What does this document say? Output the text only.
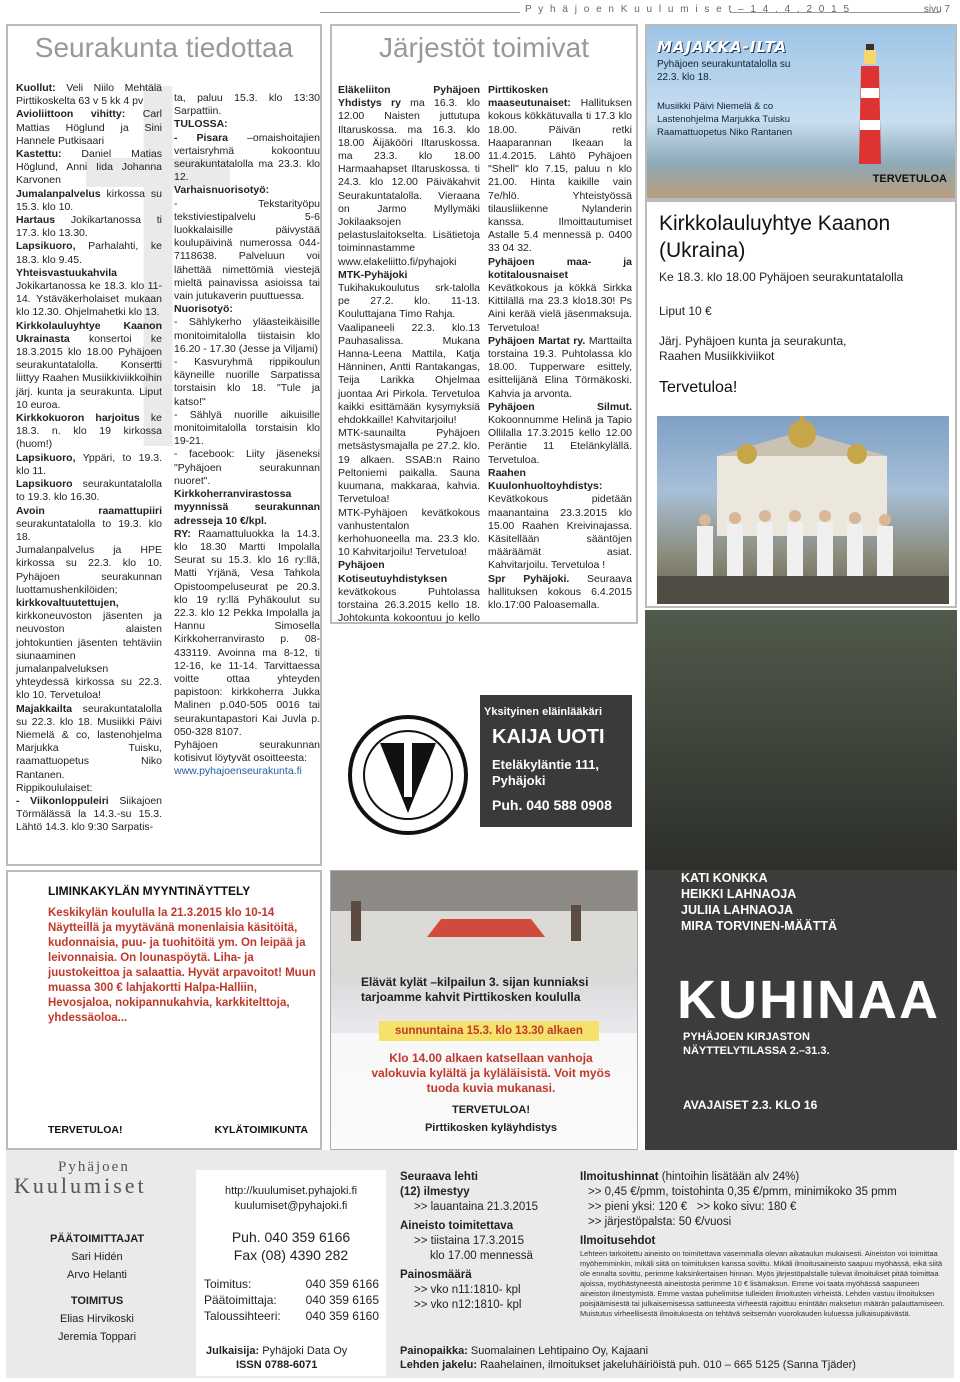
P y h ä j o e n K u u l u m i s e t – 1 4 . 4 . 2 0 1 5	sivu 7
Seurakunta tiedottaa

Kuollut: Veli Niilo Mehtälä Pirttikoskelta 63 v 5 kk 4 pv

Avioliittoon vihitty: Carl Mattias Höglund ja Sini Hannele Putkisaari

Kastettu: Daniel Matias Höglund, Anni Iida Johanna Karvonen

Jumalanpalvelus kirkossa su 15.3. klo 10.

Hartaus Jokikartanossa ti 17.3. klo 13.30.

Lapsikuoro, Parhalahti, ke 18.3. klo 9.45.

Yhteisvastuukahvila Jokikartanossa ke 18.3. klo 11-14. Ystäväkerholaiset mukaan klo 12.30. Ohjelmahetki klo 13.

Kirkkolauluyhtye Kaanon Ukrainasta konsertoi ke 18.3.2015 klo 18.00 Pyhäjoen seurakuntatalolla. Konsertti liittyy Raahen Musiikkiviikkoihin järj. kunta ja seurakunta. Liput 10 euroa.

Kirkkokuoron harjoitus ke 18.3. n. klo 19 kirkossa (huom!)

Lapsikuoro, Yppäri, to 19.3. klo 11.

Lapsikuoro seurakuntatalolla to 19.3. klo 16.30.

Avoin raamattupiiri seurakuntatalolla to 19.3. klo 18.

Jumalanpalvelus ja HPE kirkossa su 22.3. klo 10. Pyhäjoen seurakunnan luottamushenkilöiden;

kirkkovaltuutettujen, kirkkoneuvoston jäsenten ja neuvoston alaisten johtokuntien jäsenten tehtäviin siunaaminen jumalanpalveluksen yhteydessä kirkossa su 22.3. klo 10. Tervetuloa!

Majakkailta seurakuntatalolla su 22.3. klo 18. Musiikki Päivi Niemelä & co, lastenohjelma Marjukka Tuisku, raamattuopetus Niko Rantanen.

Rippikoululaiset:

- Viikonloppuleiri Siikajoen Törmälässä la 14.3.-su 15.3. Lähtö 14.3. klo 9:30 Sarpatis-

ta, paluu 15.3. klo 13:30 Sarpattiin.

TULOSSA:

- Pisara –omaishoitajien vertaisryhmä kokoontuu seurakuntatalolla ma 23.3. klo 12.

Varhaisnuorisotyö:

- Tekstarityöpu tekstiviestipalvelu 5-6 luokkalaisille päivystää koulupäivinä numerossa 044-7118638. Palveluun voi lähettää nimettömiä viestejä mieltä painavissa asioissa tai vain jutukaverin puuttuessa.

Nuorisotyö:

- Sählykerho yläasteikäisille monitoimitalolla tiistaisin klo 16.20 - 17.30 (Jesse ja Viljami)

- Kasvuryhmä rippikoulun käyneille nuorille Sarpatissa torstaisin klo 18. "Tule ja katso!"

- Sählyä nuorille aikuisille monitoimitalolla torstaisin klo 19-21.

- facebook: Liity jäseneksi "Pyhäjoen seurakunnan nuoret".

Kirkkoherranvirastossa myynnissä seurakunnan adresseja 10 €/kpl.

RY: Raamattuluokka la 14.3. klo 18.30 Martti Impolalla Seurat su 15.3. klo 16 ry:llä, Matti Yrjänä, Vesa Tahkola Opistoompeluseurat pe 20.3. klo 19 ry:llä Pyhäkoulut su 22.3. klo 12 Pekka Impolalla ja Hannu Simosella Kirkkoherranvirasto p. 08-433119. Avoinna ma 8-12, ti 12-16, ke 11-14. Tarvittaessa voitte ottaa yhteyden papistoon: kirkkoherra Jukka Malinen p.040-505 0016 tai seurakuntapastori Kai Juvla p. 050-328 8107.

Pyhäjoen seurakunnan kotisivut löytyvät osoitteesta:

www.pyhajoenseurakunta.fi

Järjestöt toimivat

Eläkeliiton Pyhäjoen Yhdistys ry ma 16.3. klo 12.00 Naisten juttutupa Iltaruskossa. ma 16.3. klo 18.00 Äijäkööri Iltaruskossa. ma 23.3. klo 18.00 Harmaahapset Iltaruskossa. ti 24.3. klo 12.00 Päiväkahvit Seurakuntatalolla. Vieraana on Jarmo Myllymäki Jokilaaksojen pelastuslaitokselta. Lisätietoja toiminnastamme www.elakeliitto.fi/pyhajoki

MTK-Pyhäjoki Tukihakukoulutus srk-talolla pe 27.2. klo. 11-13. Kouluttajana Timo Rahja.

Vaalipaneeli 22.3. klo.13 Pauhasalissa. Mukana Hanna-Leena Mattila, Katja Hänninen, Antti Rantakangas, Teija Larikka Ohjelmaa juontaa Ari Pirkola. Tervetuloa kaikki esittämään kysymyksiä ehdokkaille! Kahvitarjoilu!

MTK-saunailta Pyhäjoen metsästysmajalla pe 27.2. klo. 19 alkaen. SSAB:n Raino Peltoniemi paikalla. Sauna kuumana, makkaraa, kahvia. Tervetuloa!

MTK-Pyhäjoen kevätkokous vanhustentalon kerhohuoneella ma. 23.3 klo. 10 Kahvitarjoilu! Tervetuloa!

Pyhäjoen Kotiseutuyhdistyksen kevätkokous Puhtolassa torstaina 26.3.2015 kello 18. Johtokunta kokoontuu jo kello

Pirttikosken maaseutunaiset: Hallituksen kokous kökkätuvalla ti 17.3 klo 18.00. Päivän retki Haaparannan Ikeaan la 11.4.2015. Lähtö Pyhäjoen "Shell" klo 7.15, paluu n klo 21.00. Hinta kaikille vain 7e/hlö. Yhteistyössä tilausliikenne Nylanderin kanssa. Ilmoittautumiset Astalle 5.4 mennessä p. 0400 33 04 32.

Pyhäjoen maa- ja kotitalousnaiset

Kevätkokous ja kökkä Sirkka Kittilällä ma 23.3 klo18.30! Ps Aini kerää vielä jäsenmaksuja. Tervetuloa!

Pyhäjoen Martat ry. Marttailta torstaina 19.3. Puhtolassa klo 18.00. Tupperware esittely, esittelijänä Elina Törmäkoski. Kahvia ja arvonta.

Pyhäjoen Silmut. Kokoonnumme Helinä ja Tapio Ollilalla 17.3.2015 kello 12.00 Peräntie 11 Etelänkylällä. Tervetuloa.

Raahen Kuulonhuoltoyhdistys: Kevätkokous pidetään maanantaina 23.3.2015 klo 15.00 Raahen Kreivinajassa. Käsitellään sääntöjen määräämät asiat. Kahvitarjoilu. Tervetuloa !

Spr Pyhäjoki. Seuraava hallituksen kokous 6.4.2015 klo.17:00 Paloasemalla.

MAJAKKA-ILTA
Pyhäjoen seurakuntatalolla su 22.3. klo 18.
Musiikki Päivi Niemelä & co Lastenohjelma Marjukka Tuisku Raamattuopetus Niko Rantanen
TERVETULOA
Kirkkolauluyhtye Kaanon (Ukraina)
Ke 18.3. klo 18.00 Pyhäjoen seurakuntatalolla
Liput 10 €
Järj. Pyhäjoen kunta ja seurakunta, Raahen Musiikkiviikot
Tervetuloa!
Yksityinen eläinlääkäri
KAIJA UOTI
Eteläkyläntie 111, Pyhäjoki
Puh. 040 588 0908
KATI KONKKA
HEIKKI LAHNAOJA
JULIIA LAHNAOJA
MIRA TORVINEN-MÄÄTTÄ
KUHINAA
PYHÄJOEN KIRJASTON
NÄYTTELYTILASSA 2.–31.3.
AVAJAISET 2.3. KLO 16
LIMINKAKYLÄN MYYNTINÄYTTELY
Keskikylän koululla la 21.3.2015 klo 10-14 Näytteillä ja myytävänä monenlaisia käsitöitä, kudonnaisia, puu- ja tuohitöitä ym. On leipää ja leivonnaisia. On lounaspöytä. Liha- ja juustokeittoa ja salaattia. Hyvät arpavoitot! Muun muassa 300 € lahjakortti Halpa-Halliin, Hevosjaloa, nokipannukahvia, karkkitelttoja, yhdessäoloa...
TERVETULOA!	KYLÄTOIMIKUNTA
Elävät kylät –kilpailun 3. sijan kunniaksi tarjoamme kahvit Pirttikosken koululla
sunnuntaina 15.3. klo 13.30 alkaen
Klo 14.00 alkaen katsellaan vanhoja valokuvia kylältä ja kyläläisistä. Voit myös tuoda kuvia mukanasi.
TERVETULOA!
Pirttikosken kyläyhdistys
Pyhäjoen
Kuulumiset
PÄÄTOIMITTAJAT
Sari Hidén
Arvo Helanti
TOIMITUS
Elias Hirvikoski
Jeremia Toppari
http://kuulumiset.pyhajoki.fi
kuulumiset@pyhajoki.fi
Puh. 040 359 6166
Fax (08) 4390 282
Toimitus:	040 359 6166
Päätoimittaja: 040 359 6165
Taloussihteeri: 040 359 6160
Seuraava lehti
(12) ilmestyy
>> lauantaina 21.3.2015
Aineisto toimitettava
>> tiistaina 17.3.2015
klo 17.00 mennessä
Painosmäärä
>> vko n11:1810- kpl
>> vko n12:1810- kpl
Ilmoitushinnat (hintoihin lisätään alv 24%)
>> 0,45 €/pmm, toistohinta 0,35 €/pmm, minimikoko 35 pmm
>> pieni yksi: 120 € >> koko sivu: 180 €
>> järjestöpalsta: 50 €/vuosi
Ilmoitusehdot
Lehteen tarkoitettu aineisto on toimitettava vasemmalla olevan aikataulun mukaisesti. Aineiston voi toimittaa myöhemminkin, mikäli siitä on toimituksen kanssa sovittu. Mikäli ilmoitusaineisto saapuu myöhässä, eikä siitä ole ennalta sovittu, perimme kaksinkertaisen hinnan. Myös järjestöpalstalle tulevat ilmoitukset pitää toimittaa ajoissa, myöhästyneestä aineistosta perimme 10 € lisämaksun. Emme voi taata myöhässä saapuneen aineiston ilmestymistä. Emme vastaa puhelimitse tulleiden ilmoitusten virheistä. Lehden vastuu ilmoituksen poisjäämisestä tai julkaisemisessa sattuneesta virheestä rajoittuu enintään maksetun määrän palauttamiseen. Muistutus virheellisestä ilmoituksesta on tehtävä seitsemän vuorokauden kuluessa julkaisupäivästä.
Julkaisija: Pyhäjoki Data Oy
ISSN 0788-6071
Painopaikka: Suomalainen Lehtipaino Oy, Kajaani
Lehden jakelu: Raahelainen, ilmoitukset jakeluhäiriöistä puh. 010 – 665 5125 (Sanna Tjäder)
